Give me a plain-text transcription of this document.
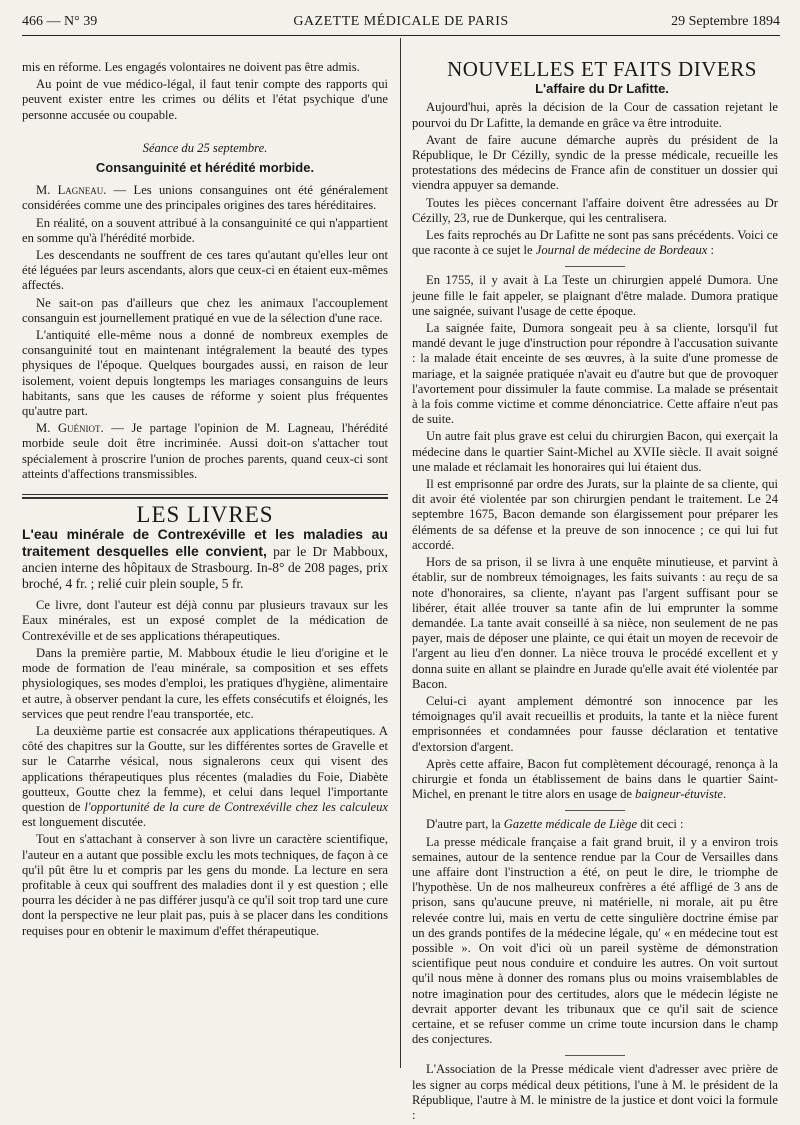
466 — N° 39	GAZETTE MÉDICALE DE PARIS	29 Septembre 1894

mis en réforme. Les engagés volontaires ne doivent pas être admis.

Au point de vue médico-légal, il faut tenir compte des rapports qui peuvent exister entre les crimes ou délits et l'état psychique d'une personne accusée ou coupable.

Séance du 25 septembre.

Consanguinité et hérédité morbide.

M. Lagneau. — Les unions consanguines ont été généralement considérées comme une des principales origines des tares héréditaires.

En réalité, on a souvent attribué à la consanguinité ce qui n'appartient en somme qu'à l'hérédité morbide.

Les descendants ne souffrent de ces tares qu'autant qu'elles leur ont été léguées par leurs ascendants, alors que ceux-ci en étaient eux-mêmes affectés.

Ne sait-on pas d'ailleurs que chez les animaux l'accouplement consanguin est journellement pratiqué en vue de la sélection d'une race.

L'antiquité elle-même nous a donné de nombreux exemples de consanguinité tout en maintenant intégralement la beauté des types physiques de l'époque. Quelques bourgades aussi, en raison de leur isolement, voient depuis longtemps les mariages consanguins de leurs habitants, sans que les causes de réforme y soient plus fréquentes qu'autre part.

M. Guéniot. — Je partage l'opinion de M. Lagneau, l'hérédité morbide seule doit être incriminée. Aussi doit-on s'attacher tout spécialement à proscrire l'union de proches parents, quand ceux-ci sont atteints d'affections transmissibles.

LES LIVRES

L'eau minérale de Contrexéville et les maladies au traitement desquelles elle convient, par le Dr Mabboux, ancien interne des hôpitaux de Strasbourg. In-8° de 208 pages, prix broché, 4 fr. ; relié cuir plein souple, 5 fr.

Ce livre, dont l'auteur est déjà connu par plusieurs travaux sur les Eaux minérales, est un exposé complet de la médication de Contrexéville et de ses applications thérapeutiques.

Dans la première partie, M. Mabboux étudie le lieu d'origine et le mode de formation de l'eau minérale, sa composition et ses effets physiologiques, ses modes d'emploi, les pratiques d'hygiène, alimentaire et autre, à observer pendant la cure, les effets consécutifs et éloignés, les services que peut rendre l'eau transportée, etc.

La deuxième partie est consacrée aux applications thérapeutiques. A côté des chapitres sur la Goutte, sur les différentes sortes de Gravelle et sur le Catarrhe vésical, nous signalerons ceux qui visent des applications thérapeutiques plus récentes (maladies du Foie, Diabète goutteux, Goutte chez la femme), et celui dans lequel l'importante question de l'opportunité de la cure de Contrexéville chez les calculeux est longuement discutée.

Tout en s'attachant à conserver à son livre un caractère scientifique, l'auteur en a autant que possible exclu les mots techniques, de façon à ce qu'il pût être lu et compris par les gens du monde. La lecture en sera profitable à ceux qui souffrent des maladies dont il y est question ; elle pourra les décider à ne pas différer jusqu'à ce qu'il soit trop tard une cure dont la perspective ne leur plait pas, puis à se placer dans les conditions requises pour en obtenir le maximum d'effet thérapeutique.

NOUVELLES ET FAITS DIVERS

L'affaire du Dr Lafitte.

Aujourd'hui, après la décision de la Cour de cassation rejetant le pourvoi du Dr Lafitte, la demande en grâce va être introduite.

Avant de faire aucune démarche auprès du président de la République, le Dr Cézilly, syndic de la presse médicale, recueille les protestations des médecins de France afin de constituer un dossier qui viendra appuyer sa demande.

Toutes les pièces concernant l'affaire doivent être adressées au Dr Cézilly, 23, rue de Dunkerque, qui les centralisera.

Les faits reprochés au Dr Lafitte ne sont pas sans précédents. Voici ce que raconte à ce sujet le Journal de médecine de Bordeaux :

En 1755, il y avait à La Teste un chirurgien appelé Dumora. Une jeune fille le fait appeler, se plaignant d'être malade. Dumora pratique une saignée, suivant l'usage de cette époque.

La saignée faite, Dumora songeait peu à sa cliente, lorsqu'il fut mandé devant le juge d'instruction pour répondre à l'accusation suivante : la malade était enceinte de ses œuvres, à la suite d'une promesse de mariage, et la saignée pratiquée n'avait eu d'autre but que de provoquer l'avortement pour dissimuler la faute commise. La malade se présentait à la fois comme victime et comme dénonciatrice. Cette affaire n'eut pas de suite.

Un autre fait plus grave est celui du chirurgien Bacon, qui exerçait la médecine dans le quartier Saint-Michel au XVIIe siècle. Il avait soigné une malade et réclamait les honoraires qui lui étaient dus.

Il est emprisonné par ordre des Jurats, sur la plainte de sa cliente, qui dit avoir été violentée par son chirurgien pendant le traitement. Le 24 septembre 1675, Bacon demande son élargissement pour préparer les éléments de sa défense et la preuve de son innocence ; ce qui lui fut accordé.

Hors de sa prison, il se livra à une enquête minutieuse, et parvint à établir, sur de nombreux témoignages, les faits suivants : au reçu de sa note d'honoraires, sa cliente, n'ayant pas l'argent suffisant pour se libérer, était allée trouver sa tante afin de lui emprunter la somme demandée. La tante avait conseillé à sa nièce, non seulement de ne pas payer, mais de déposer une plainte, ce qui était un moyen de recevoir de l'argent au lieu d'en donner. La nièce trouva le procédé excellent et y donna suite en allant se plaindre en Jurade qu'elle avait été violentée par Bacon.

Celui-ci ayant amplement démontré son innocence par les témoignages qu'il avait recueillis et produits, la tante et la nièce furent emprisonnées et condamnées pour fausse déclaration et tentative d'extorsion d'argent.

Après cette affaire, Bacon fut complètement découragé, renonça à la chirurgie et fonda un établissement de bains dans le quartier Saint-Michel, en prenant le titre alors en usage de baigneur-étuviste.

D'autre part, la Gazette médicale de Liège dit ceci :

La presse médicale française a fait grand bruit, il y a environ trois semaines, autour de la sentence rendue par la Cour de Versailles dans une affaire dont l'instruction a été, on peut le dire, le triomphe de l'hypothèse. Un de nos malheureux confrères a été affligé de 3 ans de prison, sans qu'aucune preuve, ni matérielle, ni morale, ait pu être relevée contre lui, mais en vertu de cette singulière doctrine émise par un des grands pontifes de la médecine légale, qu' « en médecine tout est possible ». On voit d'ici où un pareil système de démonstration scientifique peut nous conduire et conduire les autres. On voit surtout qu'il nous mène à donner des romans plus ou moins vraisemblables de notre imagination pour des certitudes, alors que le médecin légiste ne devrait apporter devant les tribunaux que ce qu'il sait de science certaine, et se refuser comme un crime toute incursion dans le champ des conjectures.

L'Association de la Presse médicale vient d'adresser avec prière de les signer au corps médical deux pétitions, l'une à M. le président de la République, l'autre à M. le ministre de la justice et dont voici la formule :
